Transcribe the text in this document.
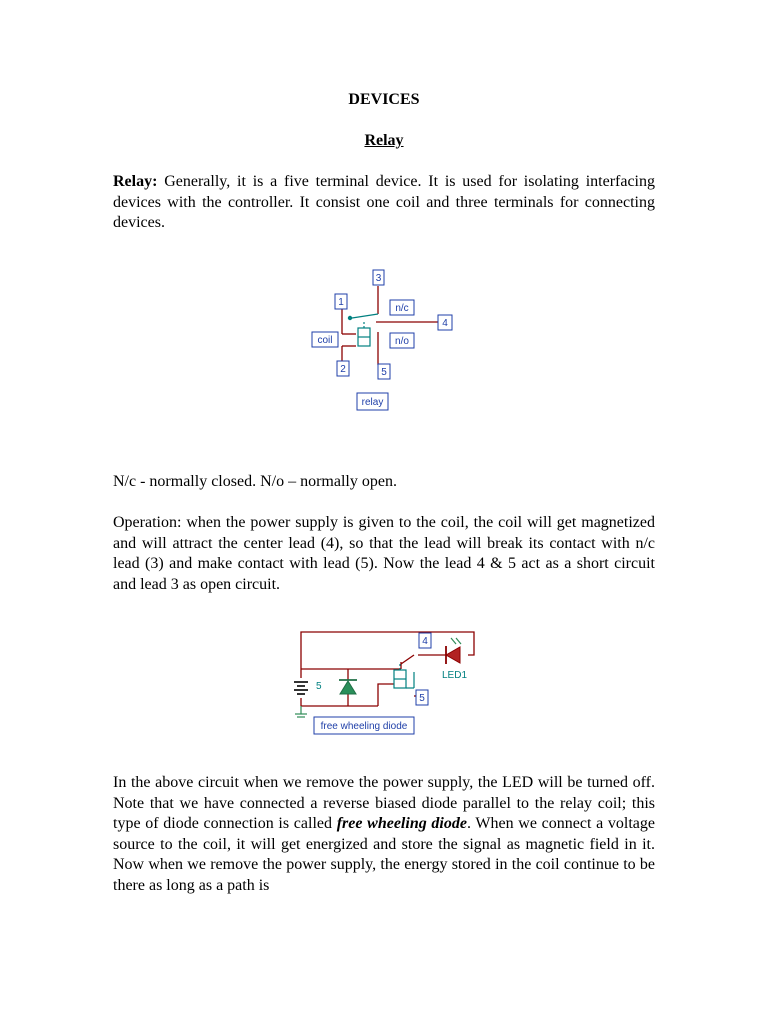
DEVICES

Relay

Relay: Generally, it is a five terminal device. It is used for isolating interfacing devices with the controller. It consist one coil and three terminals for connecting devices.

N/c - normally closed. N/o – normally open.

Operation: when the power supply is given to the coil, the coil will get magnetized and will attract the center lead (4), so that the lead will break its contact with n/c lead (3) and make contact with lead (5). Now the lead 4 & 5 act as a short circuit and lead 3 as open circuit.

In the above circuit when we remove the power supply, the LED will be turned off. Note that we have connected a reverse biased diode parallel to the relay coil; this type of diode connection is called free wheeling diode. When we connect a voltage source to the coil, it will get energized and store the signal as magnetic field in it. Now when we remove the power supply, the energy stored in the coil continue to be there as long as a path is

3
1
n/c
4
coil	n/o
2	5
relay
4
5
LED1
5
free wheeling diode
